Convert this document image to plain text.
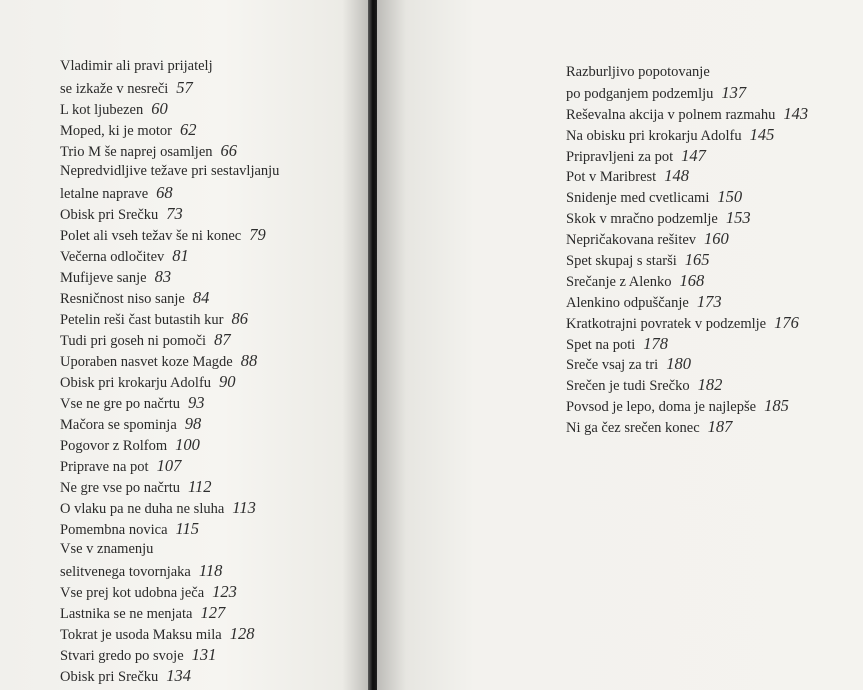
Vladimir ali pravi prijatelj
se izkaže v nesreči 57
L kot ljubezen 60
Moped, ki je motor 62
Trio M še naprej osamljen 66
Nepredvidljive težave pri sestavljanju
letalne naprave 68
Obisk pri Srečku 73
Polet ali vseh težav še ni konec 79
Večerna odločitev 81
Mufijeve sanje 83
Resničnost niso sanje 84
Petelin reši čast butastih kur 86
Tudi pri goseh ni pomoči 87
Uporaben nasvet koze Magde 88
Obisk pri krokarju Adolfu 90
Vse ne gre po načrtu 93
Mačora se spominja 98
Pogovor z Rolfom 100
Priprave na pot 107
Ne gre vse po načrtu 112
O vlaku pa ne duha ne sluha 113
Pomembna novica 115
Vse v znamenju
selitvenega tovornjaka 118
Vse prej kot udobna ječa 123
Lastnika se ne menjata 127
Tokrat je usoda Maksu mila 128
Stvari gredo po svoje 131
Obisk pri Srečku 134
Razburljivo popotovanje
po podganjem podzemlju 137
Reševalna akcija v polnem razmahu 143
Na obisku pri krokarju Adolfu 145
Pripravljeni za pot 147
Pot v Maribrest 148
Snidenje med cvetlicami 150
Skok v mračno podzemlje 153
Nepričakovana rešitev 160
Spet skupaj s starši 165
Srečanje z Alenko 168
Alenkino odpuščanje 173
Kratkotrajni povratek v podzemlje 176
Spet na poti 178
Sreče vsaj za tri 180
Srečen je tudi Srečko 182
Povsod je lepo, doma je najlepše 185
Ni ga čez srečen konec 187
